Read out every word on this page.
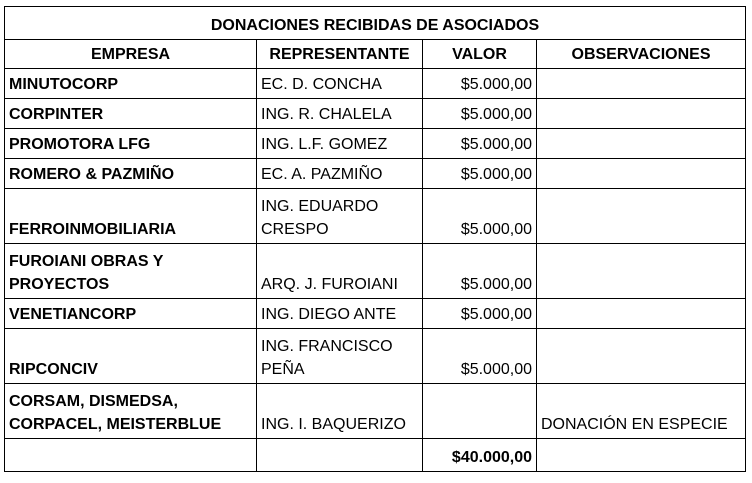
DONACIONES RECIBIDAS DE ASOCIADOS			
EMPRESA	REPRESENTANTE	VALOR	OBSERVACIONES
MINUTOCORP	EC. D. CONCHA	$5.000,00	
CORPINTER	ING. R. CHALELA	$5.000,00	
PROMOTORA LFG	ING. L.F. GOMEZ	$5.000,00	
ROMERO & PAZMIÑO	EC. A. PAZMIÑO	$5.000,00	
FERROINMOBILIARIA	ING. EDUARDO CRESPO	$5.000,00	
FUROIANI OBRAS Y PROYECTOS	ARQ. J. FUROIANI	$5.000,00	
VENETIANCORP	ING. DIEGO ANTE	$5.000,00	
RIPCONCIV	ING. FRANCISCO PEÑA	$5.000,00	
CORSAM, DISMEDSA, CORPACEL, MEISTERBLUE	ING. I. BAQUERIZO		DONACIÓN EN ESPECIE
		$40.000,00	
